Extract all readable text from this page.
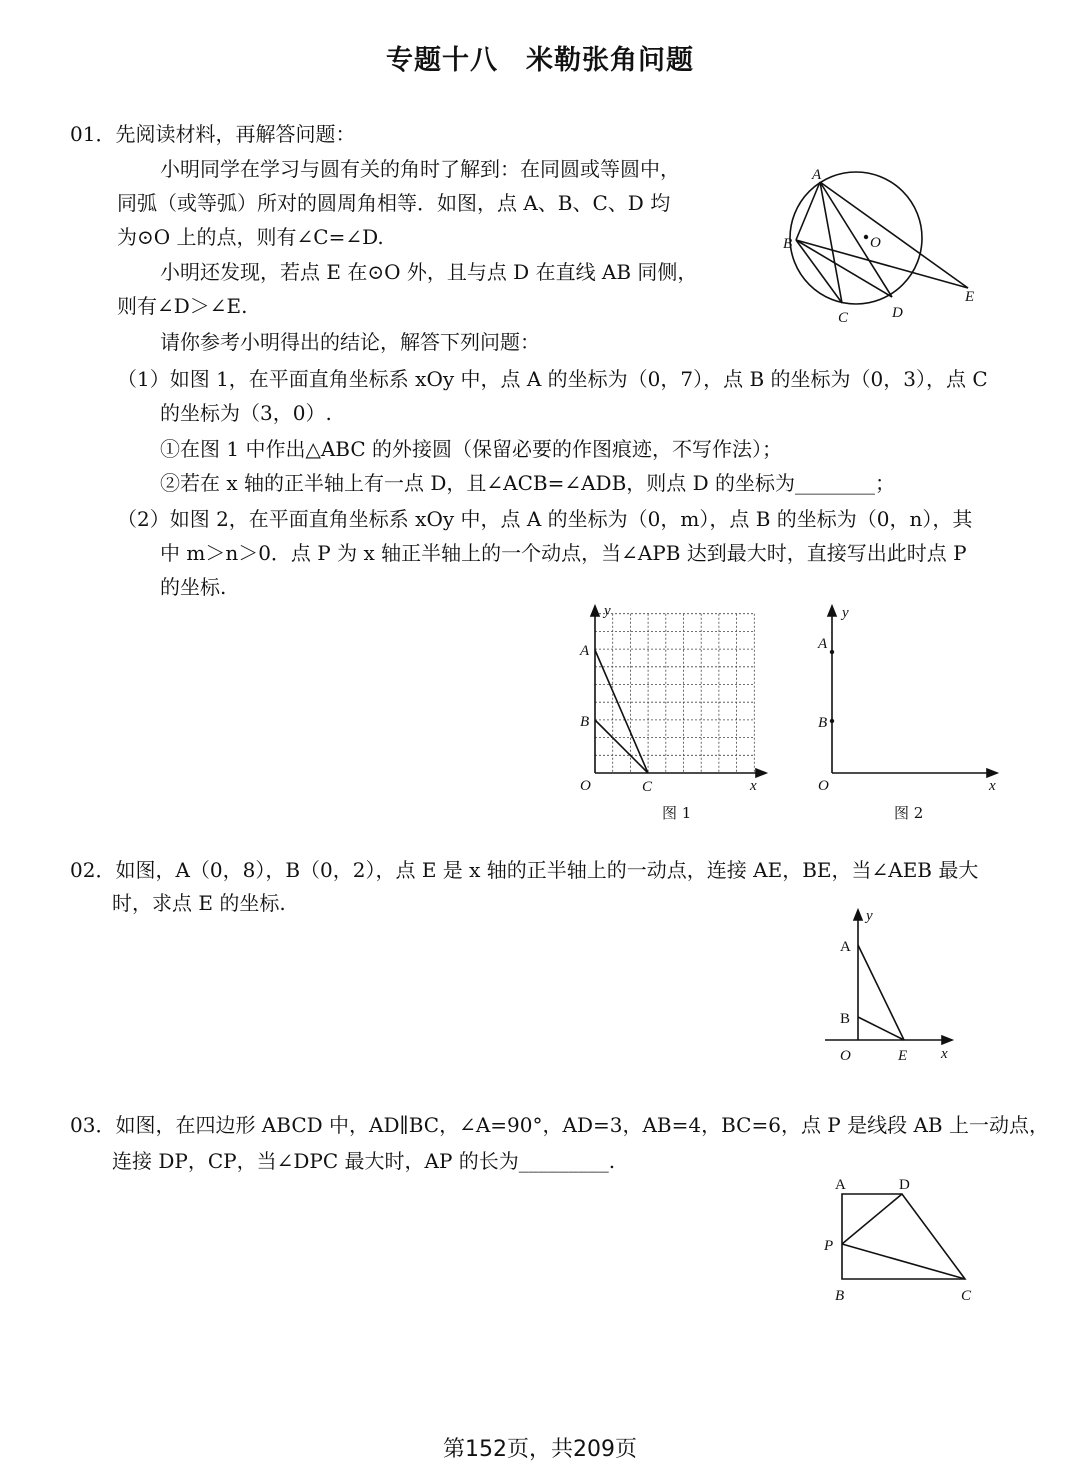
专题十八　米勒张角问题
01．先阅读材料，再解答问题：
小明同学在学习与圆有关的角时了解到：在同圆或等圆中，
同弧（或等弧）所对的圆周角相等．如图，点 A、B、C、D 均
为⊙O 上的点，则有∠C=∠D.
小明还发现，若点 E 在⊙O 外，且与点 D 在直线 AB 同侧，
则有∠D＞∠E.
请你参考小明得出的结论，解答下列问题：
（1）如图 1，在平面直角坐标系 xOy 中，点 A 的坐标为（0，7），点 B 的坐标为（0，3），点 C
的坐标为（3，0）.
①在图 1 中作出△ABC 的外接圆（保留必要的作图痕迹，不写作法）；
②若在 x 轴的正半轴上有一点 D，且∠ACB=∠ADB，则点 D 的坐标为________；
（2）如图 2，在平面直角坐标系 xOy 中，点 A 的坐标为（0，m），点 B 的坐标为（0，n），其
中 m＞n＞0．点 P 为 x 轴正半轴上的一个动点，当∠APB 达到最大时，直接写出此时点 P
的坐标.
A
B	O
C	D
E
y
A
B
O	C	x
图 1
y
A
B
O	x
图 2
02．如图，A（0，8），B（0，2），点 E 是 x 轴的正半轴上的一动点，连接 AE，BE，当∠AEB 最大
时，求点 E 的坐标.
y
A
B
O	E x
03．如图，在四边形 ABCD 中，AD∥BC，∠A=90°，AD=3，AB=4，BC=6，点 P 是线段 AB 上一动点，
连接 DP，CP，当∠DPC 最大时，AP 的长为_________.
A	D
P
B	C
第152页，共209页
